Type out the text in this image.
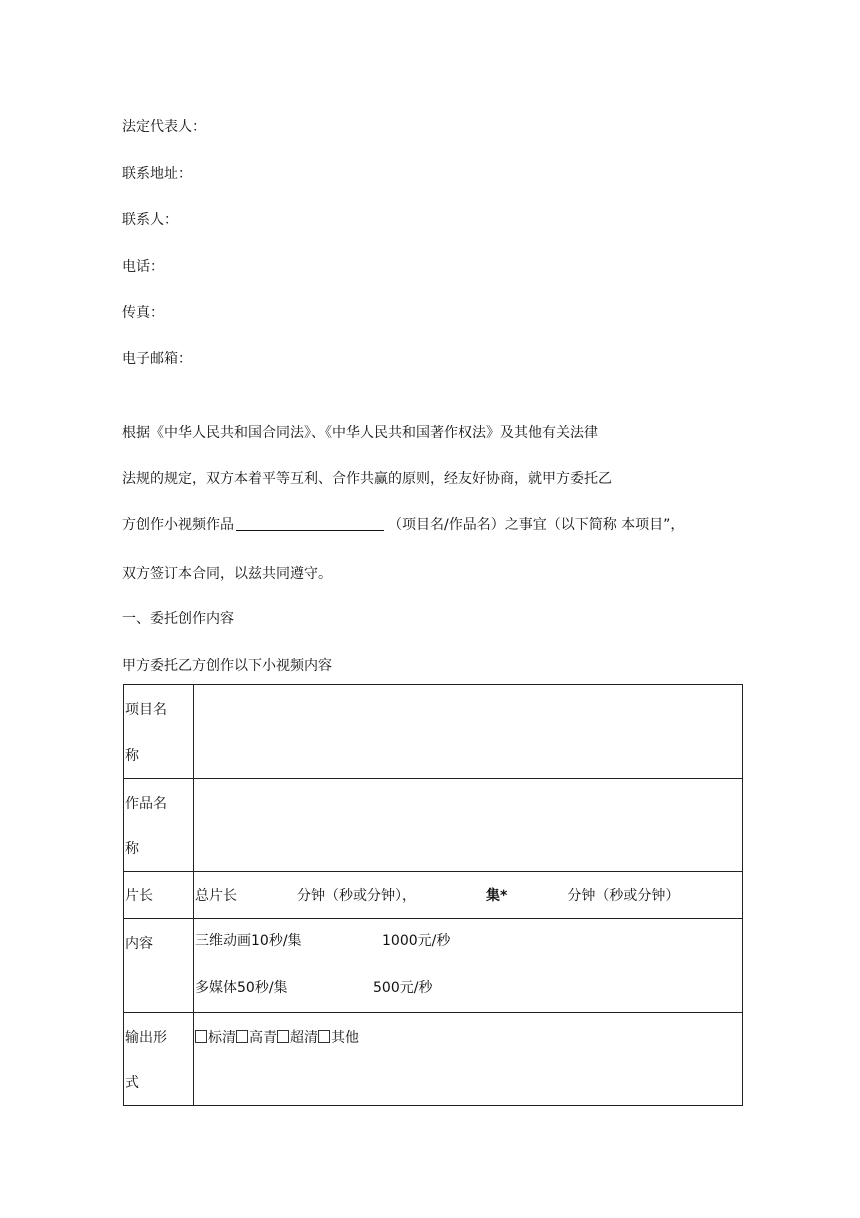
法定代表人：
联系地址：
联系人：
电话：
传真：
电子邮箱：
根据《中华人民共和国合同法》、《中华人民共和国著作权法》及其他有关法律
法规的规定，双方本着平等互利、合作共赢的原则，经友好协商，就甲方委托乙
方创作小视频作品	（项目名/作品名）之事宜（以下简称 本项目”，
双方签订本合同，以兹共同遵守。
一、委托创作内容
甲方委托乙方创作以下小视频内容
项目名
称	

作品名
称	

片长	总片长 分钟（秒或分钟）， 集* 分钟（秒或分钟）

内容	三维动画10秒/集 1000元/秒
多媒体50秒/集 500元/秒

输出形
式	标清 高青 超清 其他
